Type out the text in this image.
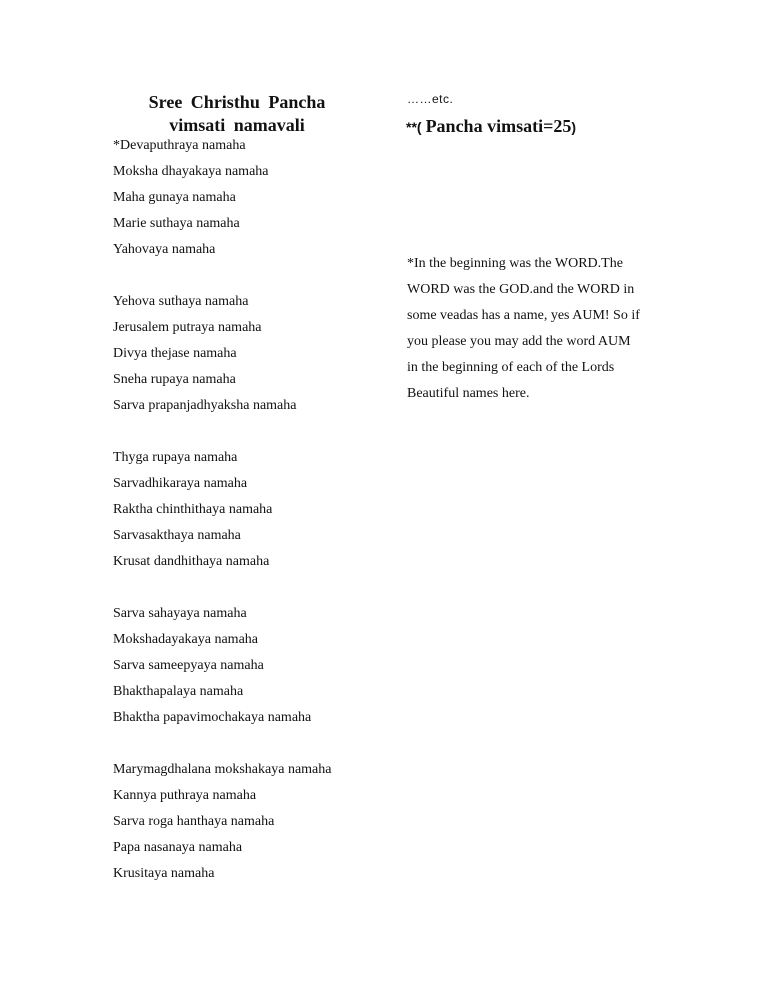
Sree Christhu Pancha
vimsati namavali
*Devaputhraya namaha
Moksha dhayakaya namaha
Maha gunaya namaha
Marie suthaya namaha
Yahovaya namaha
Yehova suthaya namaha
Jerusalem putraya namaha
Divya thejase namaha
Sneha rupaya namaha
Sarva prapanjadhyaksha namaha
Thyga rupaya namaha
Sarvadhikaraya namaha
Raktha chinthithaya namaha
Sarvasakthaya namaha
Krusat dandhithaya namaha
Sarva sahayaya namaha
Mokshadayakaya namaha
Sarva sameepyaya namaha
Bhakthapalaya namaha
Bhaktha papavimochakaya namaha
Marymagdhalana mokshakaya namaha
Kannya puthraya namaha
Sarva roga hanthaya namaha
Papa nasanaya namaha
Krusitaya namaha
……etc.
**( Pancha vimsati=25)
*In the beginning was the WORD.The
WORD was the GOD.and the WORD in
some veadas has a name, yes AUM! So if
you please you may add the word AUM
in the beginning of each of the Lords
Beautiful names here.
